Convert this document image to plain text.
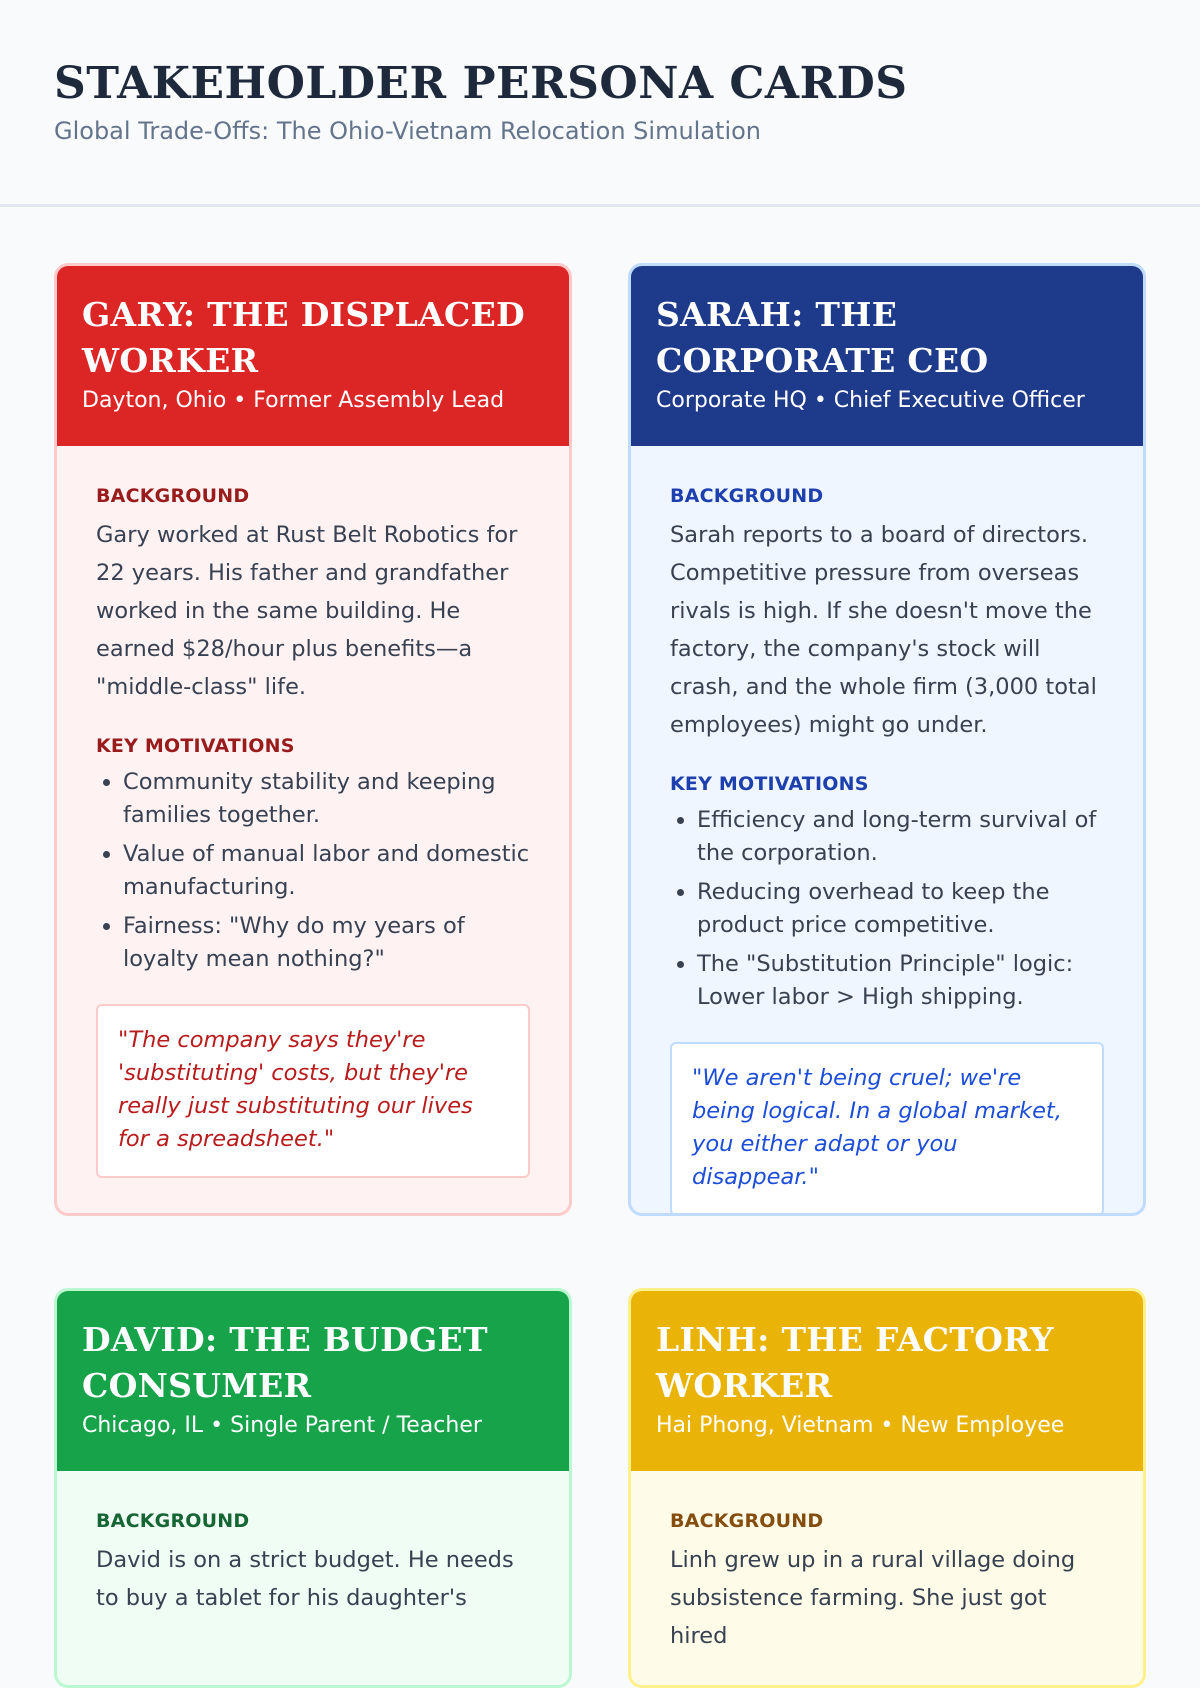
STAKEHOLDER PERSONA CARDS
Global Trade-Offs: The Ohio-Vietnam Relocation Simulation
GARY: THE DISPLACED WORKER
Dayton, Ohio • Former Assembly Lead
BACKGROUND

Gary worked at Rust Belt Robotics for 22 years. His father and grandfather worked in the same building. He earned $28/hour plus benefits—a "middle-class" life.

KEY MOTIVATIONS
• Community stability and keeping families together.
• Value of manual labor and domestic manufacturing.
• Fairness: "Why do my years of loyalty mean nothing?"
"The company says they're 'substituting' costs, but they're really just substituting our lives for a spreadsheet."
SARAH: THE CORPORATE CEO
Corporate HQ • Chief Executive Officer
BACKGROUND

Sarah reports to a board of directors. Competitive pressure from overseas rivals is high. If she doesn't move the factory, the company's stock will crash, and the whole firm (3,000 total employees) might go under.

KEY MOTIVATIONS
• Efficiency and long-term survival of the corporation.
• Reducing overhead to keep the product price competitive.
• The "Substitution Principle" logic: Lower labor > High shipping.
"We aren't being cruel; we're being logical. In a global market, you either adapt or you disappear."
DAVID: THE BUDGET CONSUMER
Chicago, IL • Single Parent / Teacher
BACKGROUND

David is on a strict budget. He needs to buy a tablet for his daughter's

LINH: THE FACTORY WORKER
Hai Phong, Vietnam • New Employee
BACKGROUND

Linh grew up in a rural village doing subsistence farming. She just got hired
